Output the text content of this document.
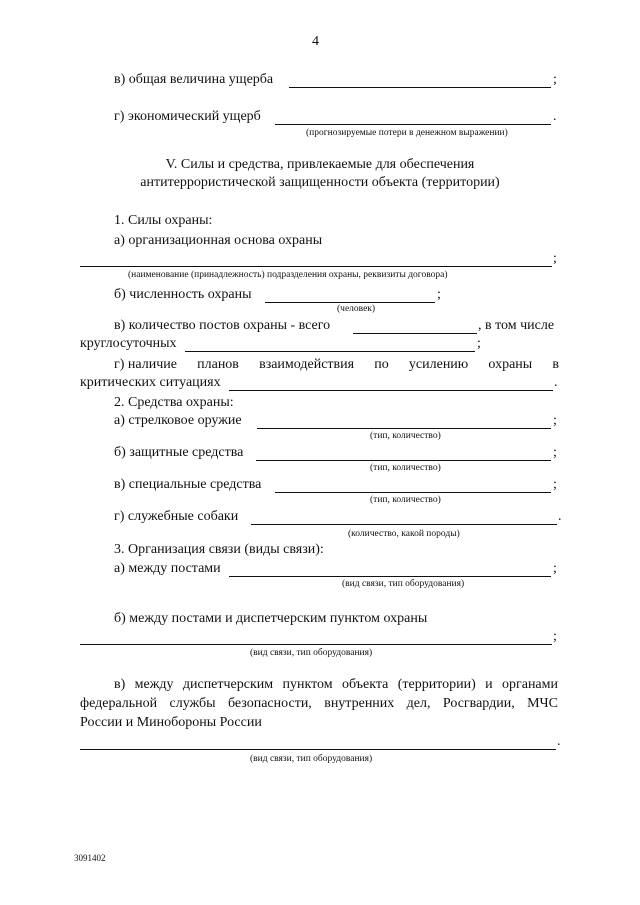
4
в) общая величина ущерба	;
г) экономический ущерб	.
(прогнозируемые потери в денежном выражении)
V. Силы и средства, привлекаемые для обеспечения
антитеррористической защищенности объекта (территории)
1. Силы охраны:
а) организационная основа охраны
;
(наименование (принадлежность) подразделения охраны, реквизиты договора)
б) численность охраны	;
(человек)
в) количество постов охраны - всего	, в том числе
круглосуточных	;
г) наличие планов взаимодействия по усилению охраны в
критических ситуациях	.
2. Средства охраны:
а) стрелковое оружие	;
(тип, количество)
б) защитные средства	;
(тип, количество)
в) специальные средства	;
(тип, количество)
г) служебные собаки	.
(количество, какой породы)
3. Организация связи (виды связи):
а) между постами	;
(вид связи, тип оборудования)
б) между постами и диспетчерским пунктом охраны
;
(вид связи, тип оборудования)
в) между диспетчерским пунктом объекта (территории) и органами
федеральной службы безопасности, внутренних дел, Росгвардии, МЧС
России и Минобороны России
.
(вид связи, тип оборудования)
3091402
